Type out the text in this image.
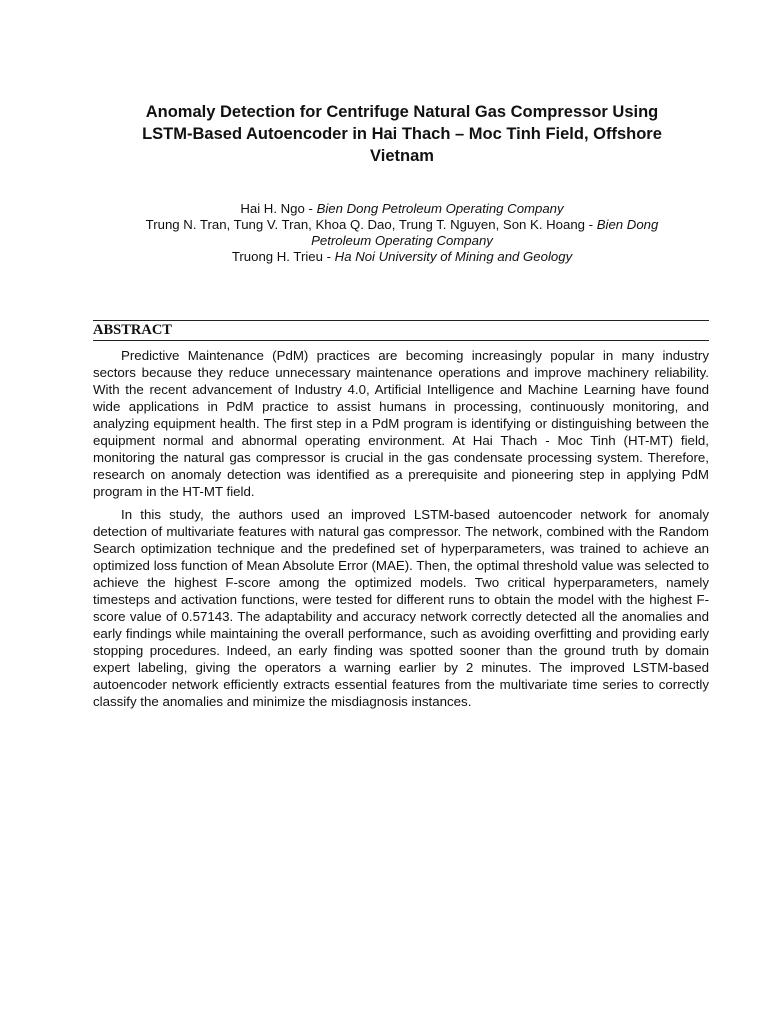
Anomaly Detection for Centrifuge Natural Gas Compressor Using
LSTM-Based Autoencoder in Hai Thach – Moc Tinh Field, Offshore
Vietnam
Hai H. Ngo - Bien Dong Petroleum Operating Company
Trung N. Tran, Tung V. Tran, Khoa Q. Dao, Trung T. Nguyen, Son K. Hoang - Bien Dong
Petroleum Operating Company
Truong H. Trieu - Ha Noi University of Mining and Geology
ABSTRACT

Predictive Maintenance (PdM) practices are becoming increasingly popular in many industry sectors because they reduce unnecessary maintenance operations and improve machinery reliability. With the recent advancement of Industry 4.0, Artificial Intelligence and Machine Learning have found wide applications in PdM practice to assist humans in processing, continuously monitoring, and analyzing equipment health. The first step in a PdM program is identifying or distinguishing between the equipment normal and abnormal operating environment. At Hai Thach - Moc Tinh (HT-MT) field, monitoring the natural gas compressor is crucial in the gas condensate processing system. Therefore, research on anomaly detection was identified as a prerequisite and pioneering step in applying PdM program in the HT-MT field.

In this study, the authors used an improved LSTM-based autoencoder network for anomaly detection of multivariate features with natural gas compressor. The network, combined with the Random Search optimization technique and the predefined set of hyperparameters, was trained to achieve an optimized loss function of Mean Absolute Error (MAE). Then, the optimal threshold value was selected to achieve the highest F-score among the optimized models. Two critical hyperparameters, namely timesteps and activation functions, were tested for different runs to obtain the model with the highest F-score value of 0.57143. The adaptability and accuracy network correctly detected all the anomalies and early findings while maintaining the overall performance, such as avoiding overfitting and providing early stopping procedures. Indeed, an early finding was spotted sooner than the ground truth by domain expert labeling, giving the operators a warning earlier by 2 minutes. The improved LSTM-based autoencoder network efficiently extracts essential features from the multivariate time series to correctly classify the anomalies and minimize the misdiagnosis instances.
